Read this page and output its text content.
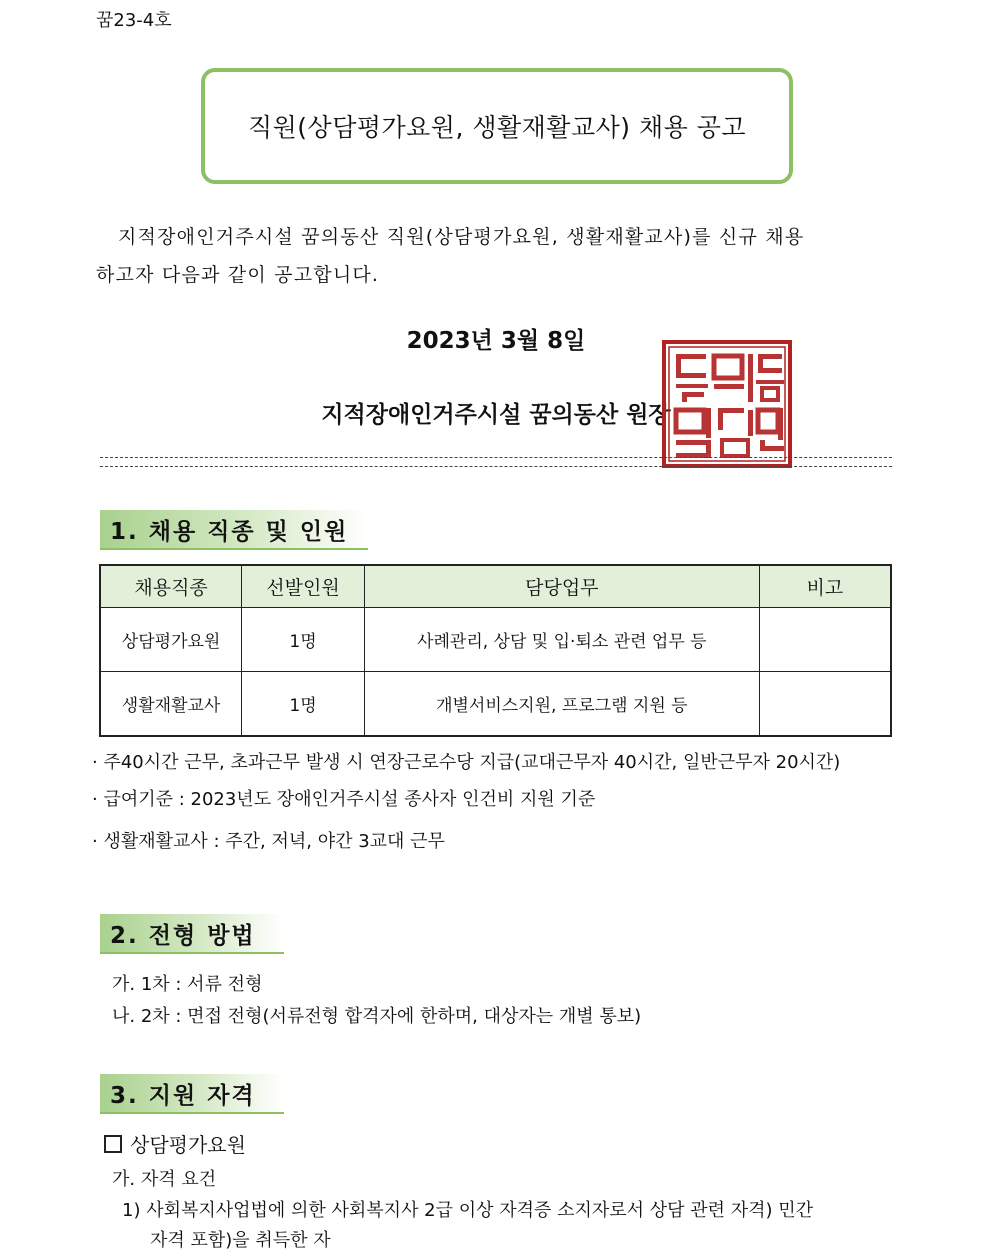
꿈23-4호
직원(상담평가요원, 생활재활교사) 채용 공고
지적장애인거주시설 꿈의동산 직원(상담평가요원, 생활재활교사)를 신규 채용
하고자 다음과 같이 공고합니다.
2023년 3월 8일
지적장애인거주시설 꿈의동산 원장
1. 채용 직종 및 인원
채용직종	선발인원	담당업무	비고
상담평가요원	1명	사례관리, 상담 및 입·퇴소 관련 업무 등	
생활재활교사	1명	개별서비스지원, 프로그램 지원 등	
· 주40시간 근무, 초과근무 발생 시 연장근로수당 지급(교대근무자 40시간, 일반근무자 20시간)
· 급여기준 : 2023년도 장애인거주시설 종사자 인건비 지원 기준
· 생활재활교사 : 주간, 저녁, 야간 3교대 근무
2. 전형 방법
가. 1차 : 서류 전형
나. 2차 : 면접 전형(서류전형 합격자에 한하며, 대상자는 개별 통보)
3. 지원 자격
상담평가요원
가. 자격 요건
1) 사회복지사업법에 의한 사회복지사 2급 이상 자격증 소지자로서 상담 관련 자격) 민간
자격 포함)을 취득한 자
